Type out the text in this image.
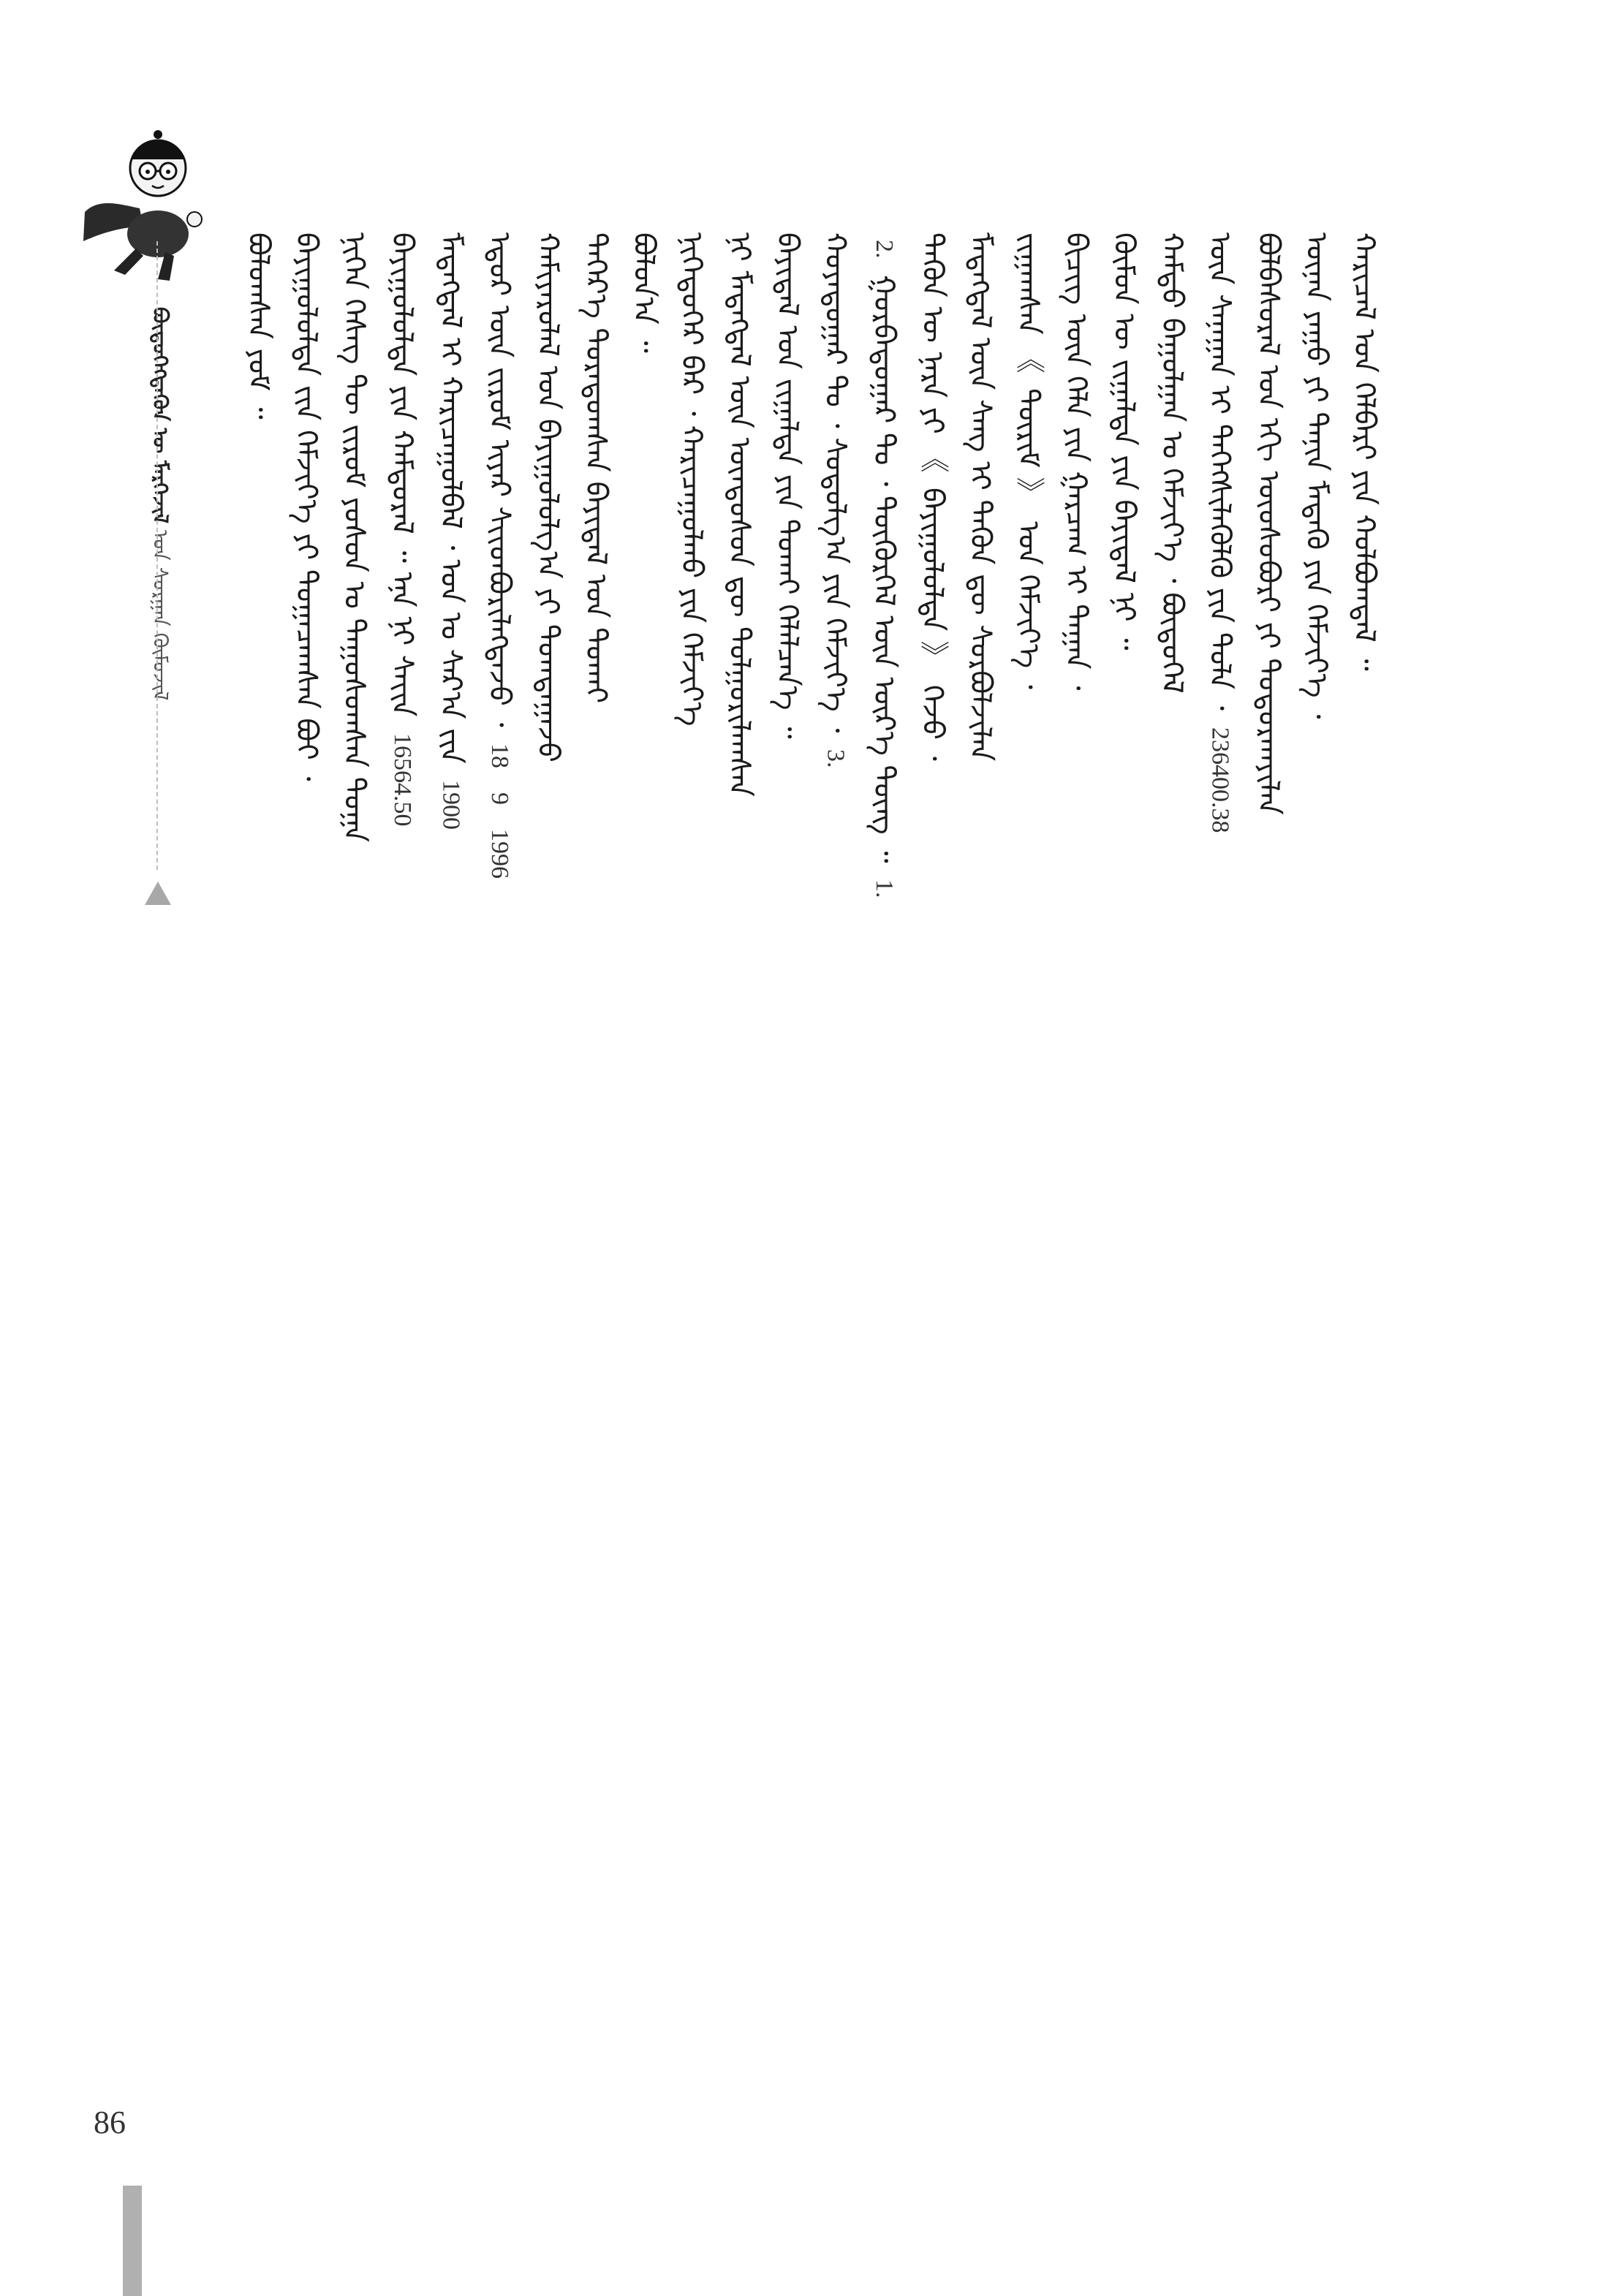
ᠪᠦᠲᠦᠭᠡᠭᠳᠡᠬᠦᠨ ᠦ ᠮᠡᠷᠭᠡᠵᠢᠯ ᠤᠨ ᠰᠤᠷᠭᠠᠨ ᠬᠦᠮᠦᠵᠢᠯ
ᠪᠣᠯᠤᠭᠰᠠᠨ ᠶᠤᠮ ᠃ ᠪᠠᠶᠢᠭᠤᠯᠤᠯᠲᠠ ᠵᠢᠨ ᠬᠡᠮᠵᠢᠶ᠎ᠡ ᠶᠢ ᠲᠤᠭᠠᠴᠠᠭᠰᠠᠨ ᠪᠤᠢ ᠂ ᠨᠢᠭᠡᠨ ᠬᠡᠰᠡᠭ ᠲᠦ ᠵᠢᠷᠤᠮ ᠶᠣᠰᠤᠨ ᠤ ᠳᠠᠭᠤᠰᠤᠭᠰᠠᠨ ᠲᠣᠭᠠ ᠪᠠᠶᠢᠭᠤᠯᠤᠯᠲᠠ ᠶᠢᠨ ᠬᠠᠮᠲᠤᠷᠠᠯ ᠃ ᠡᠨᠡ ᠨᠢ ᠰᠠᠶ᠋ᠢᠨ 16564.50
ᠮᠡᠳᠡᠭᠳᠡᠯ ᠢ ᠬᠠᠷᠢᠴᠠᠭᠤᠯᠪᠠᠯ ᠂ ᠣᠨ ᠤ ᠰᠠᠷ᠎ᠠ ᠵᠢᠨ 1900
ᠡᠳᠦᠷ ᠦᠨ ᠵᠢᠷᠤᠮ ᠢᠶᠠᠷ ᠰᠢᠢᠳᠪᠦᠷᠢᠯᠡᠭᠳᠡᠵᠦ ᠂ 18 9 1996
ᠬᠠᠮᠢᠶᠠᠷᠤᠯᠠᠯ ᠤᠨ ᠪᠠᠶᠢᠭᠤᠯᠤᠯᠭ᠎ᠠ ᠶᠢ ᠲᠣᠭᠲᠠᠭᠠᠵᠤ ᠳᠡᠭᠡᠷ᠎ᠡ ᠳᠤᠷᠠᠳᠤᠭᠰᠠᠨ ᠪᠠᠶᠢᠳᠠᠯ ᠤᠨ ᠲᠤᠬᠠᠢ ᠪᠣᠯᠤᠨ᠎ᠠ ᠃ ᠨᠢᠭᠡᠳᠦᠭᠡᠷ ᠪᠡᠷ ᠂ ᠬᠠᠷᠢᠴᠠᠭᠤᠯᠬᠤ ᠶᠢᠨ ᠬᠡᠮᠵᠢᠶ᠎ᠡ ᠨᠢ ᠮᠡᠳᠡᠭᠳᠡᠯ ᠦᠨ ᠦᠨᠳᠦᠰᠦᠨ ᠳᠦ ᠲᠤᠯᠭᠤᠷᠢᠯᠠᠭᠰᠠᠨ ᠪᠠᠶᠢᠳᠠᠯ ᠤᠨ ᠵᠢᠭᠠᠯᠲᠠ ᠶᠢᠨ ᠲᠤᠬᠠᠢ ᠬᠡᠯᠡᠯᠴᠡᠨ᠎ᠡ ᠃ ᠬᠣᠶᠠᠳᠤᠭᠠᠷ ᠲᠤ ᠂ ᠰᠤᠳᠤᠯᠭ᠎ᠠ ᠶᠢᠨ ᠬᠡᠮᠵᠢᠶ᠎ᠡ ᠂ 3.
2. ᠭᠤᠷᠪᠠᠳᠤᠭᠠᠷ ᠲᠤ ᠂ ᠳᠦᠭᠦᠷᠭᠡᠯ ᠦᠨ ᠦᠷ᠎ᠡ ᠳᠦᠩ ᠃ 1.
ᠲᠡᠭᠦᠨ ᠦ ᠨᠡᠷᠡ ᠶᠢ 《 ᠪᠠᠶᠢᠭᠤᠯᠤᠯᠲᠠ 》 ᠭᠡᠵᠦ ᠂ ᠮᠡᠳᠡᠭᠳᠡᠯ ᠦᠨ ᠰᠠᠩ ᠢ ᠲᠡᠭᠦᠨ ᠳᠦ ᠰᠤᠷᠪᠤᠯᠵᠢᠯᠠᠨ ᠵᠢᠭᠠᠭᠰᠠᠨ 《 ᠳᠦᠷᠢᠮ 》 ᠤᠨ ᠬᠡᠮᠵᠢᠶ᠎ᠡ ᠂ ᠪᠢᠴᠢᠭ ᠦᠨ ᠬᠡᠯᠡ ᠶᠢᠨ ᠭᠠᠷᠴᠠᠭ ᠢ ᠳᠠᠭᠠᠨ ᠂ ᠬᠦᠮᠦᠨ ᠦ ᠵᠢᠭᠠᠯᠲᠠ ᠶᠢᠨ ᠪᠠᠶᠢᠳᠠᠯ ᠨᠢ ᠃ ᠬᠠᠮᠲᠤ ᠪᠠᠭᠤᠯᠭᠠᠨ ᠤ ᠬᠡᠮᠵᠢᠶ᠎ᠡ ᠂ ᠪᠦᠲᠦᠭᠡᠯ ᠦᠨ ᠰᠠᠨᠠᠭᠠᠨ ᠢ ᠳᠡᠭᠡᠭᠰᠢᠯᠡᠭᠦᠯᠬᠦ ᠶᠢᠨ ᠲᠤᠯᠠ ᠂ 236400.38 ᠪᠣᠯᠪᠠᠰᠤᠷᠠᠯ ᠤᠨ ᠡᠬᠢ ᠦᠦᠰᠦᠪᠦᠷᠢ ᠶᠢ ᠲᠣᠳᠤᠷᠬᠠᠶᠢᠯᠠᠨ ᠦᠨᠡᠨ ᠶᠠᠭᠤ ᠶᠢ ᠲᠠᠨᠢᠨ ᠮᠡᠳᠡᠬᠦ ᠶᠢᠨ ᠬᠡᠮᠵᠢᠶ᠎ᠡ ᠂ ᠬᠠᠷᠢᠴᠠᠯ ᠤᠨ ᠬᠡᠯᠪᠡᠷᠢ ᠶᠢᠨ ᠬᠣᠯᠪᠤᠭᠳᠠᠯ ᠃
86
